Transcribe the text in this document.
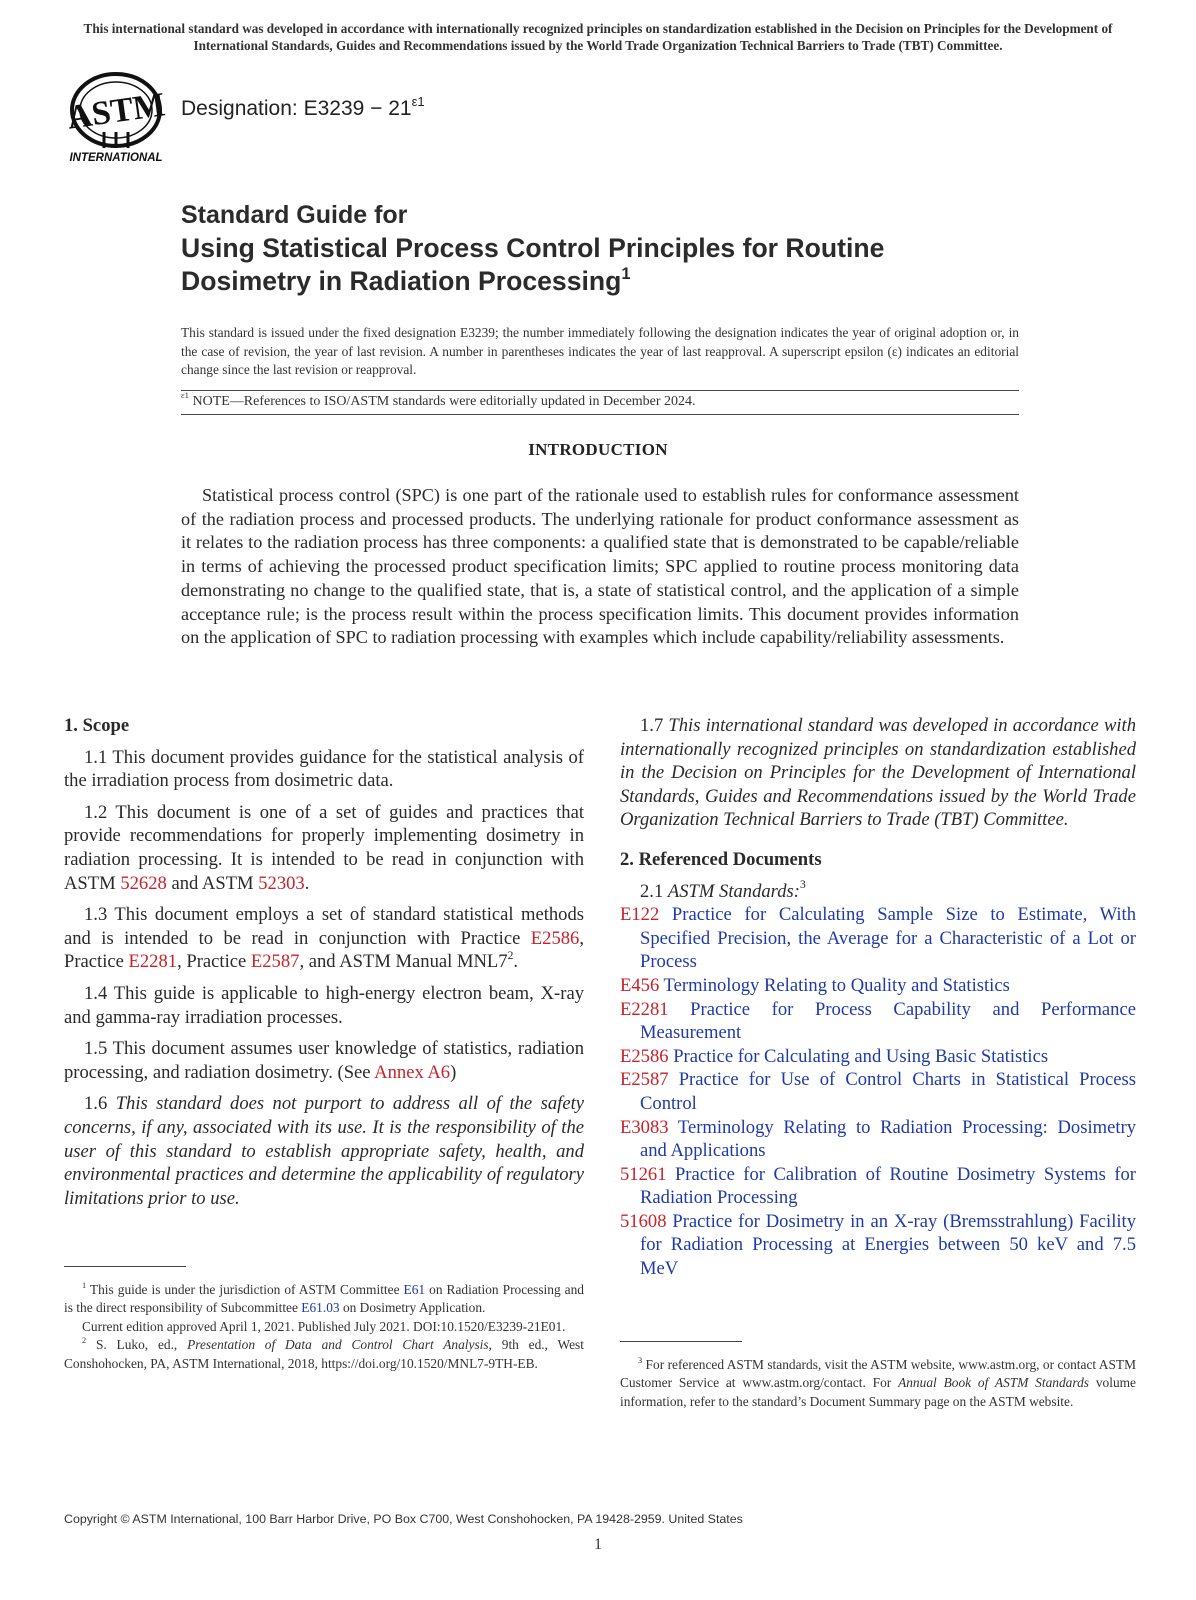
This international standard was developed in accordance with internationally recognized principles on standardization established in the Decision on Principles for the Development of International Standards, Guides and Recommendations issued by the World Trade Organization Technical Barriers to Trade (TBT) Committee.
ASTM
INTERNATIONAL
Designation: $E3239 - 21^{\varepsilon 1}$
Standard Guide for
Using Statistical Process Control Principles for Routine
Dosimetry in Radiation Processing$^1$
This standard is issued under the fixed designation E3239; the number immediately following the designation indicates the year of original adoption or, in the case of revision, the year of last revision. A number in parentheses indicates the year of last reapproval. A superscript epsilon (ε) indicates an editorial change since the last revision or reapproval.
$^{\varepsilon 1}$ NOTE—References to ISO/ASTM standards were editorially updated in December 2024.
INTRODUCTION

Statistical process control (SPC) is one part of the rationale used to establish rules for conformance assessment of the radiation process and processed products. The underlying rationale for product conformance assessment as it relates to the radiation process has three components: a qualified state that is demonstrated to be capable/reliable in terms of achieving the processed product specification limits; SPC applied to routine process monitoring data demonstrating no change to the qualified state, that is, a state of statistical control, and the application of a simple acceptance rule; is the process result within the process specification limits. This document provides information on the application of SPC to radiation processing with examples which include capability/reliability assessments.

1. Scope

1.1 This document provides guidance for the statistical analysis of the irradiation process from dosimetric data.

1.2 This document is one of a set of guides and practices that provide recommendations for properly implementing dosimetry in radiation processing. It is intended to be read in conjunction with ASTM 52628 and ASTM 52303.

1.3 This document employs a set of standard statistical methods and is intended to be read in conjunction with Practice E2586, Practice E2281, Practice E2587, and ASTM Manual $MNL7^2$.

1.4 This guide is applicable to high-energy electron beam, X-ray and gamma-ray irradiation processes.

1.5 This document assumes user knowledge of statistics, radiation processing, and radiation dosimetry. (See Annex A6)

1.6 This standard does not purport to address all of the safety concerns, if any, associated with its use. It is the responsibility of the user of this standard to establish appropriate safety, health, and environmental practices and determine the applicability of regulatory limitations prior to use.

1.7 This international standard was developed in accordance with internationally recognized principles on standardization established in the Decision on Principles for the Development of International Standards, Guides and Recommendations issued by the World Trade Organization Technical Barriers to Trade (TBT) Committee.

2. Referenced Documents

2.1 ASTM Standards:$^3$

E122 Practice for Calculating Sample Size to Estimate, With Specified Precision, the Average for a Characteristic of a Lot or Process
E456 Terminology Relating to Quality and Statistics
E2281 Practice for Process Capability and Performance Measurement
E2586 Practice for Calculating and Using Basic Statistics
E2587 Practice for Use of Control Charts in Statistical Process Control
E3083 Terminology Relating to Radiation Processing: Dosimetry and Applications
51261 Practice for Calibration of Routine Dosimetry Systems for Radiation Processing
51608 Practice for Dosimetry in an X-ray (Bremsstrahlung) Facility for Radiation Processing at Energies between 50 keV and 7.5 MeV

$^1$ This guide is under the jurisdiction of ASTM Committee E61 on Radiation Processing and is the direct responsibility of Subcommittee E61.03 on Dosimetry Application.

Current edition approved April 1, 2021. Published July 2021. DOI:10.1520/E3239-21E01.

$^2$ S. Luko, ed., Presentation of Data and Control Chart Analysis, 9th ed., West Conshohocken, PA, ASTM International, 2018, https://doi.org/10.1520/MNL7-9TH-EB.	$^3$ For referenced ASTM standards, visit the ASTM website, www.astm.org, or contact ASTM Customer Service at www.astm.org/contact. For Annual Book of ASTM Standards volume information, refer to the standard’s Document Summary page on the ASTM website.

Copyright © ASTM International, 100 Barr Harbor Drive, PO Box C700, West Conshohocken, PA 19428-2959. United States
1
